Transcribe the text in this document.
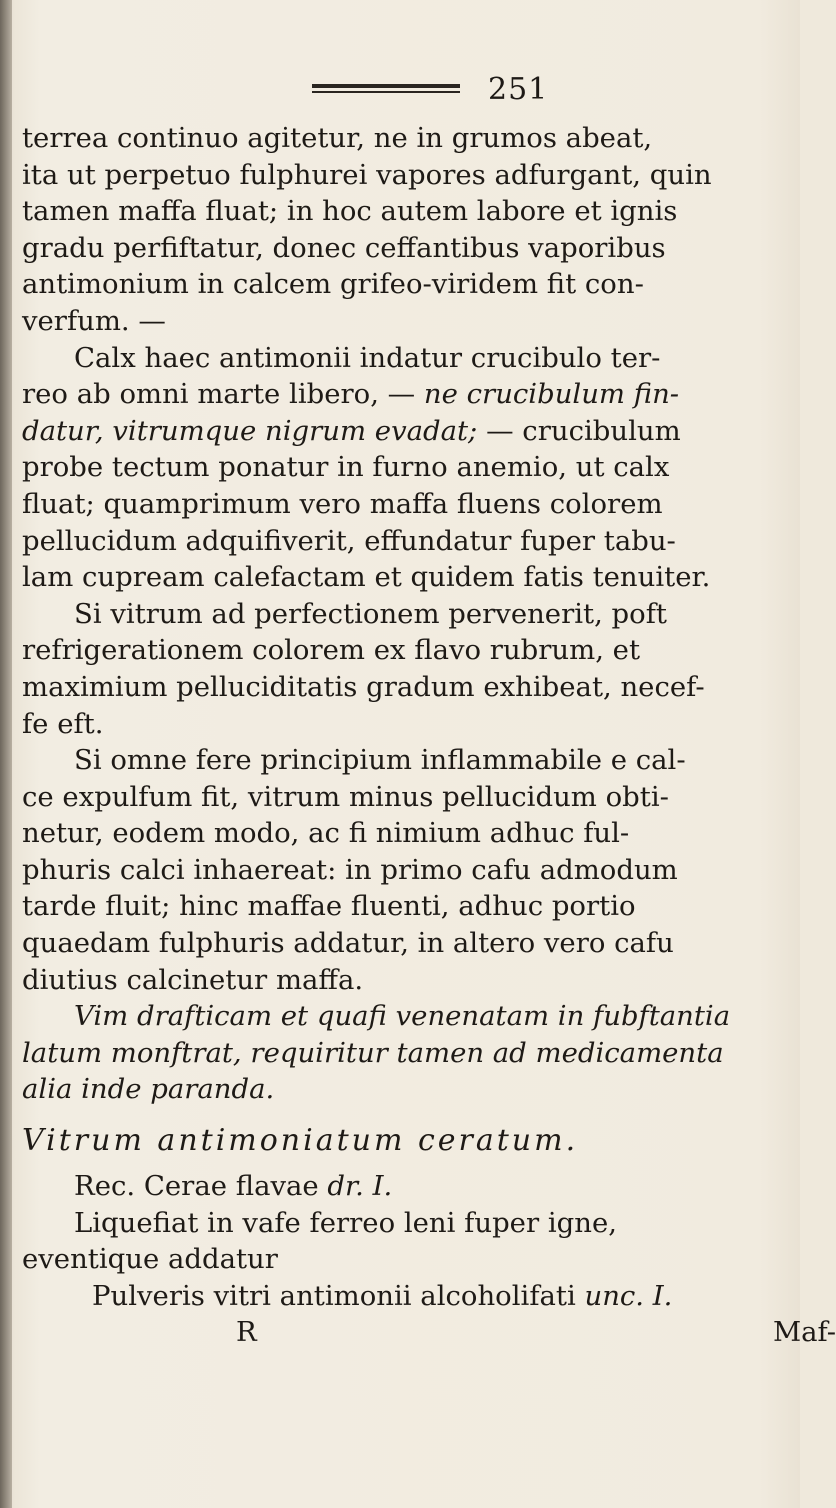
251
terrea continuo agitetur, ne in grumos abeat,
ita ut perpetuo fulphurei vapores adfurgant, quin
tamen maffa fluat; in hoc autem labore et ignis
gradu perfiftatur, donec ceffantibus vaporibus
antimonium in calcem grifeo-viridem fit con-
verfum. —
Calx haec antimonii indatur crucibulo ter-
reo ab omni marte libero, — ne crucibulum fin-
datur, vitrumque nigrum evadat; — crucibulum
probe tectum ponatur in furno anemio, ut calx
fluat; quamprimum vero maffa fluens colorem
pellucidum adquifiverit, effundatur fuper tabu-
lam cupream calefactam et quidem fatis tenuiter.
Si vitrum ad perfectionem pervenerit, poft
refrigerationem colorem ex flavo rubrum, et
maximium pelluciditatis gradum exhibeat, necef-
fe eft.
Si omne fere principium inflammabile e cal-
ce expulfum fit, vitrum minus pellucidum obti-
netur, eodem modo, ac fi nimium adhuc ful-
phuris calci inhaereat: in primo cafu admodum
tarde fluit; hinc maffae fluenti, adhuc portio
quaedam fulphuris addatur, in altero vero cafu
diutius calcinetur maffa.
Vim drafticam et quafi venenatam in fubftantia
latum monftrat, requiritur tamen ad medicamenta
alia inde paranda.
Vitrum antimoniatum ceratum.
Rec. Cerae flavae dr. I.
Liquefiat in vafe ferreo leni fuper igne,
eventique addatur
Pulveris vitri antimonii alcoholifati unc. I.
R	Maf-
